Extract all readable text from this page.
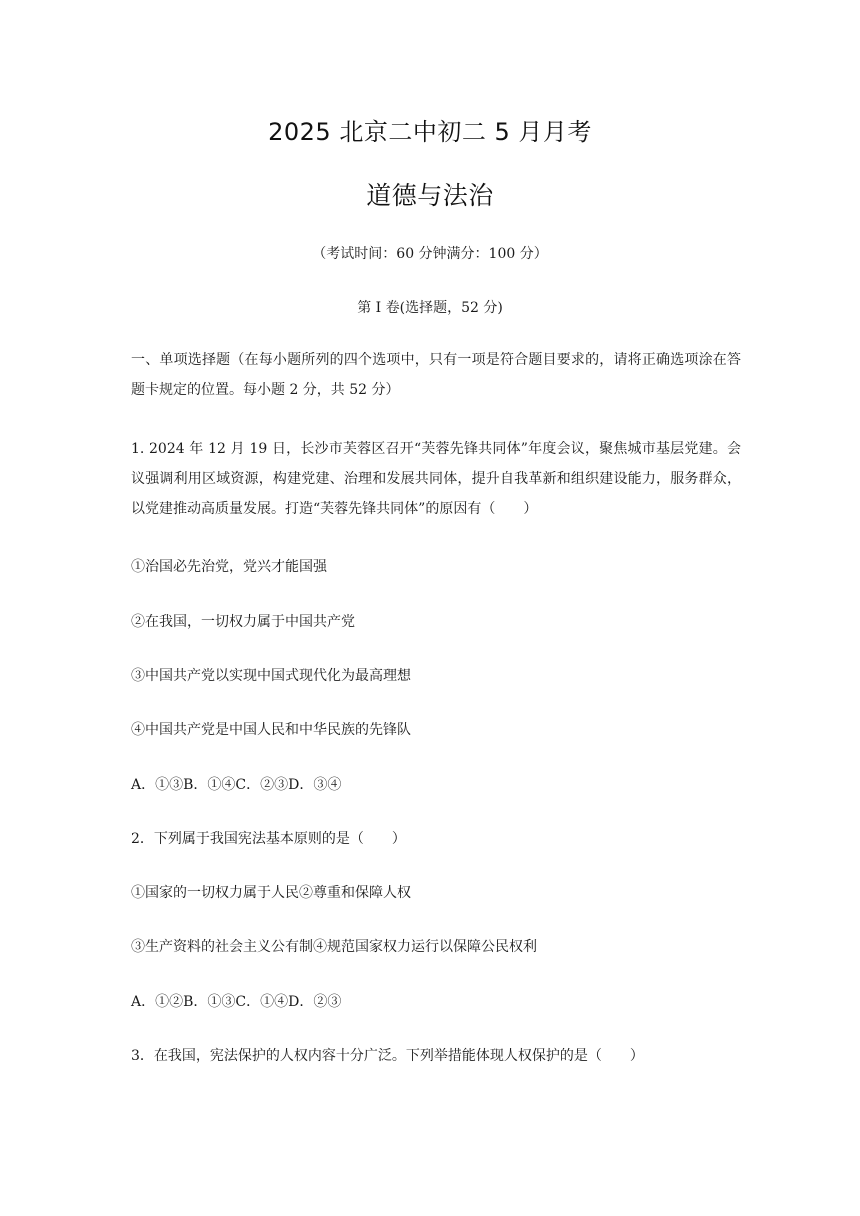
2025 北京二中初二 5 月月考
道德与法治
（考试时间：60 分钟满分：100 分）
第 I 卷(选择题，52 分)
一、单项选择题（在每小题所列的四个选项中，只有一项是符合题目要求的，请将正确选项涂在答题卡规定的位置。每小题 2 分，共 52 分）
1. 2024 年 12 月 19 日，长沙市芙蓉区召开“芙蓉先锋共同体”年度会议，聚焦城市基层党建。会议强调利用区域资源，构建党建、治理和发展共同体，提升自我革新和组织建设能力，服务群众，以党建推动高质量发展。打造“芙蓉先锋共同体”的原因有（　　）
①治国必先治党，党兴才能国强
②在我国，一切权力属于中国共产党
③中国共产党以实现中国式现代化为最高理想
④中国共产党是中国人民和中华民族的先锋队
A．①③B．①④C．②③D．③④
2．下列属于我国宪法基本原则的是（　　）
①国家的一切权力属于人民②尊重和保障人权
③生产资料的社会主义公有制④规范国家权力运行以保障公民权利
A．①②B．①③C．①④D．②③
3．在我国，宪法保护的人权内容十分广泛。下列举措能体现人权保护的是（　　）
